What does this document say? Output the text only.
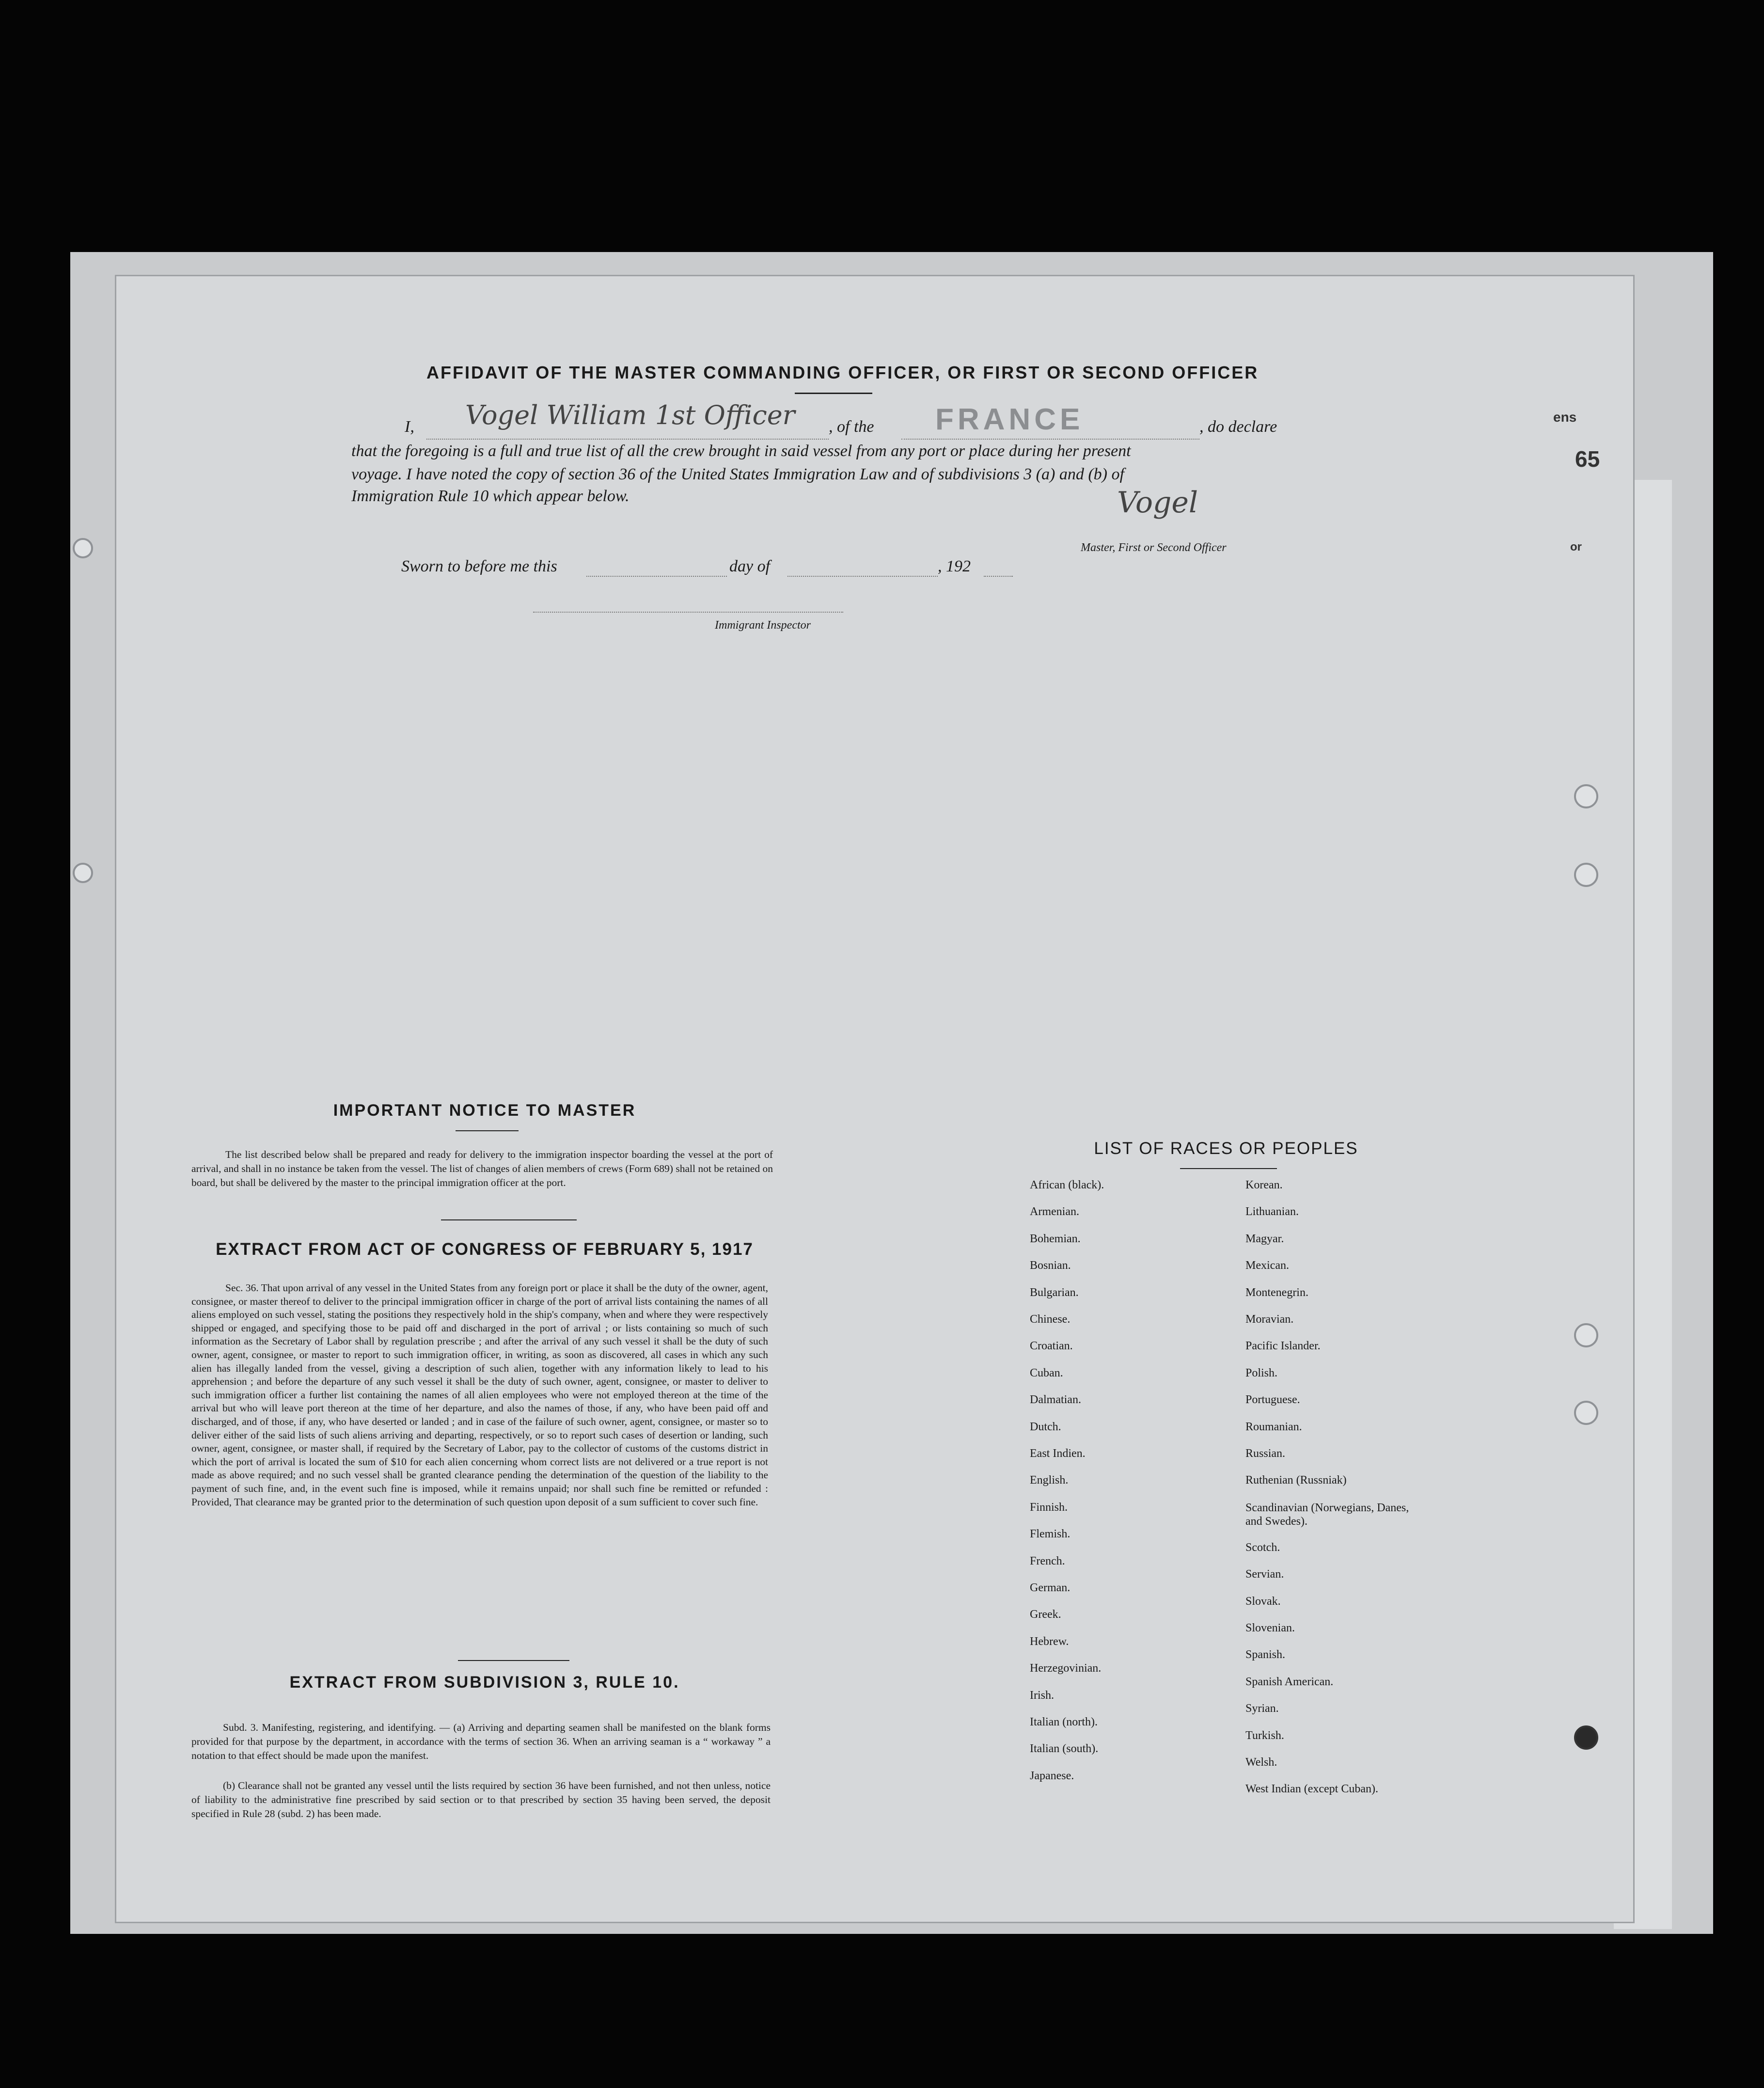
ens
65
or
AFFIDAVIT OF THE MASTER COMMANDING OFFICER, OR FIRST OR SECOND OFFICER
I, Vogel William 1st Officer , of the FRANCE	, do declare
that the foregoing is a full and true list of all the crew brought in said vessel from any port or place during her present
voyage. I have noted the copy of section 36 of the United States Immigration Law and of subdivisions 3 (a) and (b) of
Immigration Rule 10 which appear below.	Vogel
Master, First or Second Officer
Sworn to before me this	day of	, 192
Immigrant Inspector
IMPORTANT NOTICE TO MASTER
The list described below shall be prepared and ready for delivery to the immigration inspector boarding the vessel at the port of arrival, and shall in no instance be taken from the vessel. The list of changes of alien members of crews (Form 689) shall not be retained on board, but shall be delivered by the master to the principal immigration officer at the port.
EXTRACT FROM ACT OF CONGRESS OF FEBRUARY 5, 1917
Sec. 36. That upon arrival of any vessel in the United States from any foreign port or place it shall be the duty of the owner, agent, consignee, or master thereof to deliver to the principal immigration officer in charge of the port of arrival lists containing the names of all aliens employed on such vessel, stating the positions they respectively hold in the ship's company, when and where they were respectively shipped or engaged, and specifying those to be paid off and discharged in the port of arrival ; or lists containing so much of such information as the Secretary of Labor shall by regulation prescribe ; and after the arrival of any such vessel it shall be the duty of such owner, agent, consignee, or master to report to such immigration officer, in writing, as soon as discovered, all cases in which any such alien has illegally landed from the vessel, giving a description of such alien, together with any information likely to lead to his apprehension ; and before the departure of any such vessel it shall be the duty of such owner, agent, consignee, or master to deliver to such immigration officer a further list containing the names of all alien employees who were not employed thereon at the time of the arrival but who will leave port thereon at the time of her departure, and also the names of those, if any, who have been paid off and discharged, and of those, if any, who have deserted or landed ; and in case of the failure of such owner, agent, consignee, or master so to deliver either of the said lists of such aliens arriving and departing, respectively, or so to report such cases of desertion or landing, such owner, agent, consignee, or master shall, if required by the Secretary of Labor, pay to the collector of customs of the customs district in which the port of arrival is located the sum of $10 for each alien concerning whom correct lists are not delivered or a true report is not made as above required; and no such vessel shall be granted clearance pending the determination of the question of the liability to the payment of such fine, and, in the event such fine is imposed, while it remains unpaid; nor shall such fine be remitted or refunded : Provided, That clearance may be granted prior to the determination of such question upon deposit of a sum sufficient to cover such fine.
EXTRACT FROM SUBDIVISION 3, RULE 10.
Subd. 3. Manifesting, registering, and identifying. — (a) Arriving and departing seamen shall be manifested on the blank forms provided for that purpose by the department, in accordance with the terms of section 36. When an arriving seaman is a “ workaway ” a notation to that effect should be made upon the manifest.
(b) Clearance shall not be granted any vessel until the lists required by section 36 have been furnished, and not then unless, notice of liability to the administrative fine prescribed by said section or to that prescribed by section 35 having been served, the deposit specified in Rule 28 (subd. 2) has been made.
LIST OF RACES OR PEOPLES
African (black).
Armenian.
Bohemian.
Bosnian.
Bulgarian.
Chinese.
Croatian.
Cuban.
Dalmatian.
Dutch.
East Indien.
English.
Finnish.
Flemish.
French.
German.
Greek.
Hebrew.
Herzegovinian.
Irish.
Italian (north).
Italian (south).
Japanese.
Korean.
Lithuanian.
Magyar.
Mexican.
Montenegrin.
Moravian.
Pacific Islander.
Polish.
Portuguese.
Roumanian.
Russian.
Ruthenian (Russniak)
Scandinavian (Norwegians, Danes, and Swedes).
Scotch.
Servian.
Slovak.
Slovenian.
Spanish.
Spanish American.
Syrian.
Turkish.
Welsh.
West Indian (except Cuban).
